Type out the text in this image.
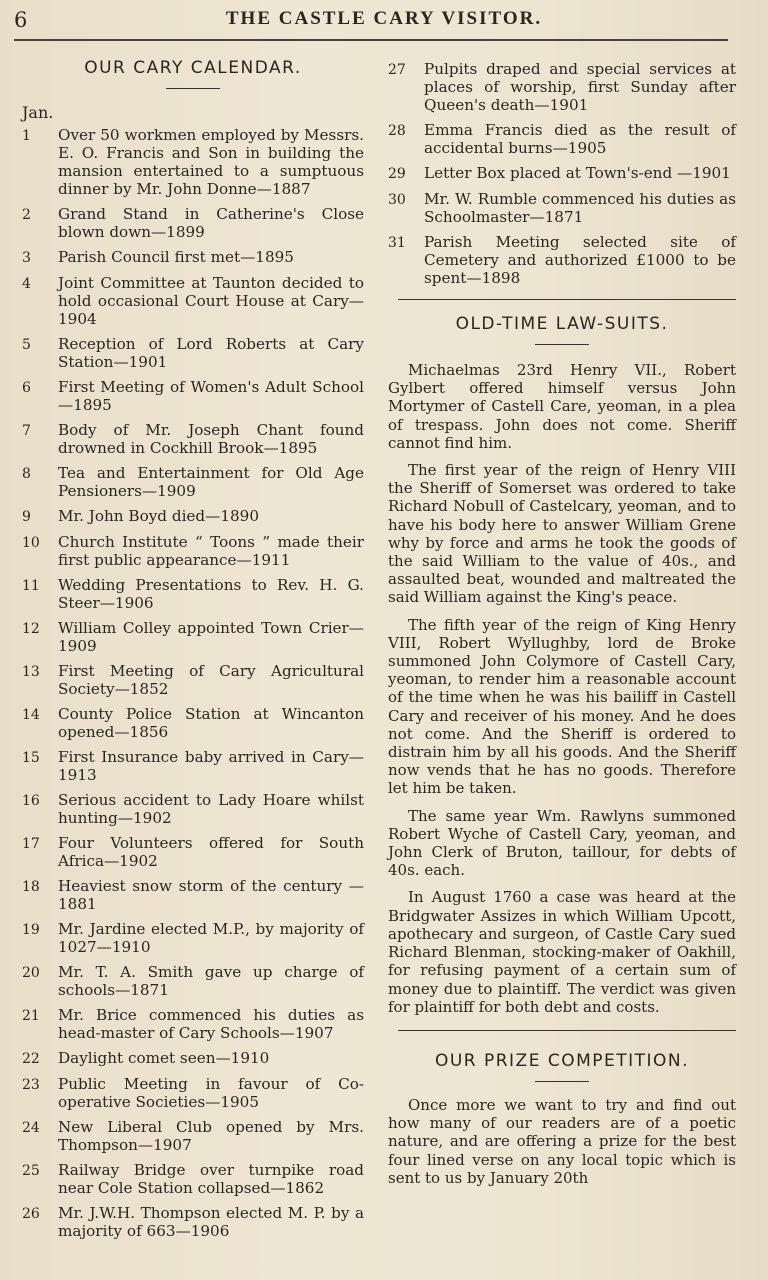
6	THE CASTLE CARY VISITOR.
OUR CARY CALENDAR.
Jan.
1	Over 50 workmen employed by Messrs. E. O. Francis and Son in building the mansion entertained to a sumptuous dinner by Mr. John Donne—1887
2	Grand Stand in Catherine's Close blown down—1899
3	Parish Council first met—1895
4	Joint Committee at Taunton decided to hold occasional Court House at Cary—1904
5	Reception of Lord Roberts at Cary Station—1901
6	First Meeting of Women's Adult School—1895
7	Body of Mr. Joseph Chant found drowned in Cockhill Brook—1895
8	Tea and Entertainment for Old Age Pensioners—1909
9	Mr. John Boyd died—1890
10	Church Institute “ Toons ” made their first public appearance—1911
11	Wedding Presentations to Rev. H. G. Steer—1906
12	William Colley appointed Town Crier—1909
13	First Meeting of Cary Agricultural Society—1852
14	County Police Station at Wincanton opened—1856
15	First Insurance baby arrived in Cary—1913
16	Serious accident to Lady Hoare whilst hunting—1902
17	Four Volunteers offered for South Africa—1902
18	Heaviest snow storm of the century —1881
19	Mr. Jardine elected M.P., by majority of 1027—1910
20	Mr. T. A. Smith gave up charge of schools—1871
21	Mr. Brice commenced his duties as head-master of Cary Schools—1907
22	Daylight comet seen—1910
23	Public Meeting in favour of Co-operative Societies—1905
24	New Liberal Club opened by Mrs. Thompson—1907
25	Railway Bridge over turnpike road near Cole Station collapsed—1862
26	Mr. J.W.H. Thompson elected M. P. by a majority of 663—1906
27	Pulpits draped and special services at places of worship, first Sunday after Queen's death—1901
28	Emma Francis died as the result of accidental burns—1905
29	Letter Box placed at Town's-end —1901
30	Mr. W. Rumble commenced his duties as Schoolmaster—1871
31	Parish Meeting selected site of Cemetery and authorized £1000 to be spent—1898
OLD-TIME LAW-SUITS.

Michaelmas 23rd Henry VII., Robert Gylbert offered himself versus John Mortymer of Castell Care, yeoman, in a plea of trespass. John does not come. Sheriff cannot find him.

The first year of the reign of Henry VIII the Sheriff of Somerset was ordered to take Richard Nobull of Castelcary, yeoman, and to have his body here to answer William Grene why by force and arms he took the goods of the said William to the value of 40s., and assaulted beat, wounded and maltreated the said William against the King's peace.

The fifth year of the reign of King Henry VIII, Robert Wyllughby, lord de Broke summoned John Colymore of Castell Cary, yeoman, to render him a reasonable account of the time when he was his bailiff in Castell Cary and receiver of his money. And he does not come. And the Sheriff is ordered to distrain him by all his goods. And the Sheriff now vends that he has no goods. Therefore let him be taken.

The same year Wm. Rawlyns summoned Robert Wyche of Castell Cary, yeoman, and John Clerk of Bruton, taillour, for debts of 40s. each.

In August 1760 a case was heard at the Bridgwater Assizes in which William Upcott, apothecary and surgeon, of Castle Cary sued Richard Blenman, stocking-maker of Oakhill, for refusing payment of a certain sum of money due to plaintiff. The verdict was given for plaintiff for both debt and costs.

OUR PRIZE COMPETITION.

Once more we want to try and find out how many of our readers are of a poetic nature, and are offering a prize for the best four lined verse on any local topic which is sent to us by January 20th
